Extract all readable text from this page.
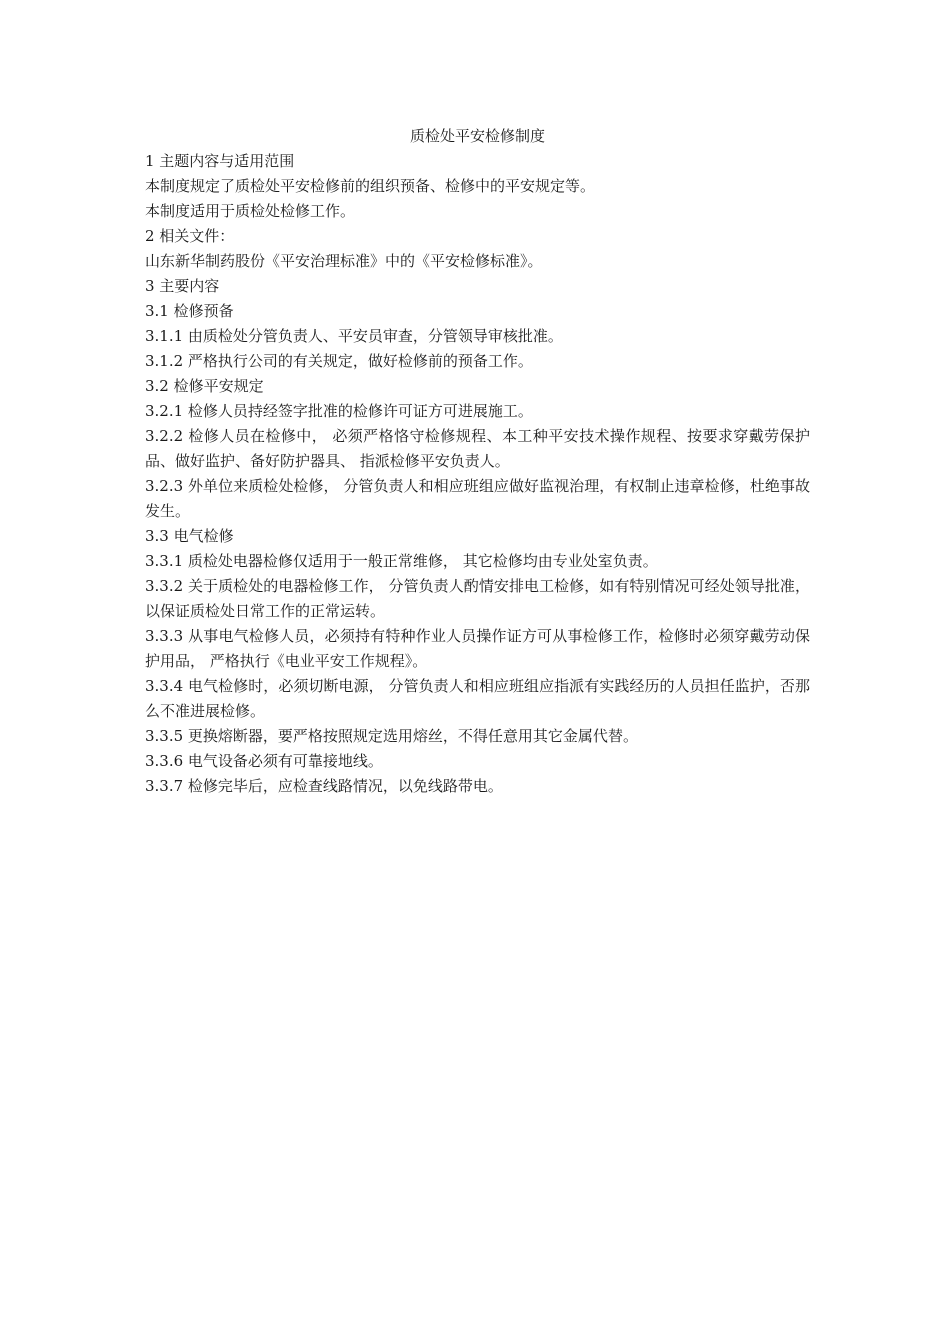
质检处平安检修制度

1 主题内容与适用范围

本制度规定了质检处平安检修前的组织预备、检修中的平安规定等。

本制度适用于质检处检修工作。

2 相关文件：

山东新华制药股份《平安治理标准》中的《平安检修标准》。

3 主要内容

3.1 检修预备

3.1.1 由质检处分管负责人、平安员审查，分管领导审核批准。

3.1.2 严格执行公司的有关规定，做好检修前的预备工作。

3.2 检修平安规定

3.2.1 检修人员持经签字批准的检修许可证方可进展施工。

3.2.2 检修人员在检修中， 必须严格恪守检修规程、本工种平安技术操作规程、按要求穿戴劳保护品、做好监护、备好防护器具、 指派检修平安负责人。

3.2.3 外单位来质检处检修， 分管负责人和相应班组应做好监视治理，有权制止违章检修，杜绝事故发生。

3.3 电气检修

3.3.1 质检处电器检修仅适用于一般正常维修， 其它检修均由专业处室负责。

3.3.2 关于质检处的电器检修工作， 分管负责人酌情安排电工检修，如有特别情况可经处领导批准，以保证质检处日常工作的正常运转。

3.3.3 从事电气检修人员，必须持有特种作业人员操作证方可从事检修工作，检修时必须穿戴劳动保护用品， 严格执行《电业平安工作规程》。

3.3.4 电气检修时，必须切断电源， 分管负责人和相应班组应指派有实践经历的人员担任监护，否那么不准进展检修。

3.3.5 更换熔断器，要严格按照规定选用熔丝，不得任意用其它金属代替。

3.3.6 电气设备必须有可靠接地线。

3.3.7 检修完毕后，应检查线路情况，以免线路带电。
